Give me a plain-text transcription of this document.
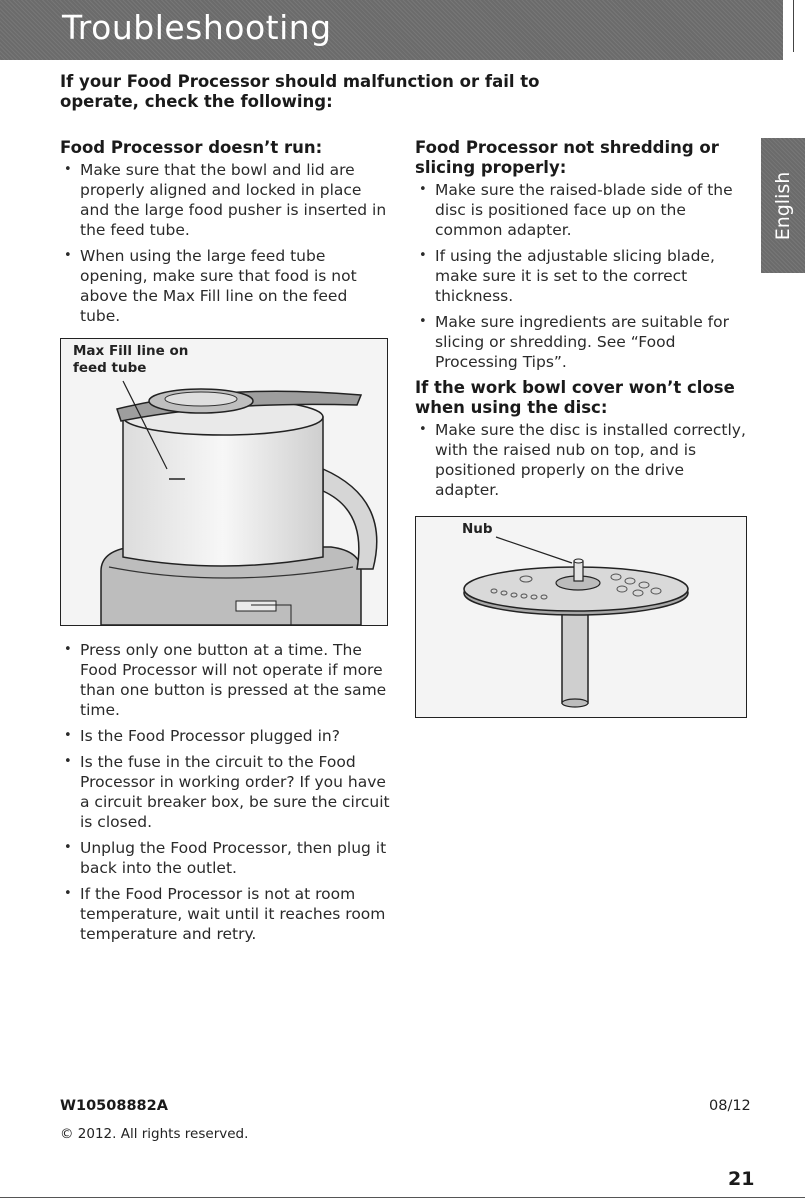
Troubleshooting
If your Food Processor should malfunction or fail to operate, check the following:
Food Processor doesn’t run:
• Make sure that the bowl and lid are properly aligned and locked in place and the large food pusher is inserted in the feed tube.
• When using the large feed tube opening, make sure that food is not above the Max Fill line on the feed tube.
Max Fill line on feed tube
• Press only one button at a time. The Food Processor will not operate if more than one button is pressed at the same time.
• Is the Food Processor plugged in?
• Is the fuse in the circuit to the Food Processor in working order? If you have a circuit breaker box, be sure the circuit is closed.
• Unplug the Food Processor, then plug it back into the outlet.
• If the Food Processor is not at room temperature, wait until it reaches room temperature and retry.
Food Processor not shredding or slicing properly:
• Make sure the raised-blade side of the disc is positioned face up on the common adapter.
• If using the adjustable slicing blade, make sure it is set to the correct thickness.
• Make sure ingredients are suitable for slicing or shredding. See “Food Processing Tips”.
If the work bowl cover won’t close when using the disc:
• Make sure the disc is installed correctly, with the raised nub on top, and is positioned properly on the drive adapter.
Nub
English
W10508882A	08/12
© 2012. All rights reserved.
21
